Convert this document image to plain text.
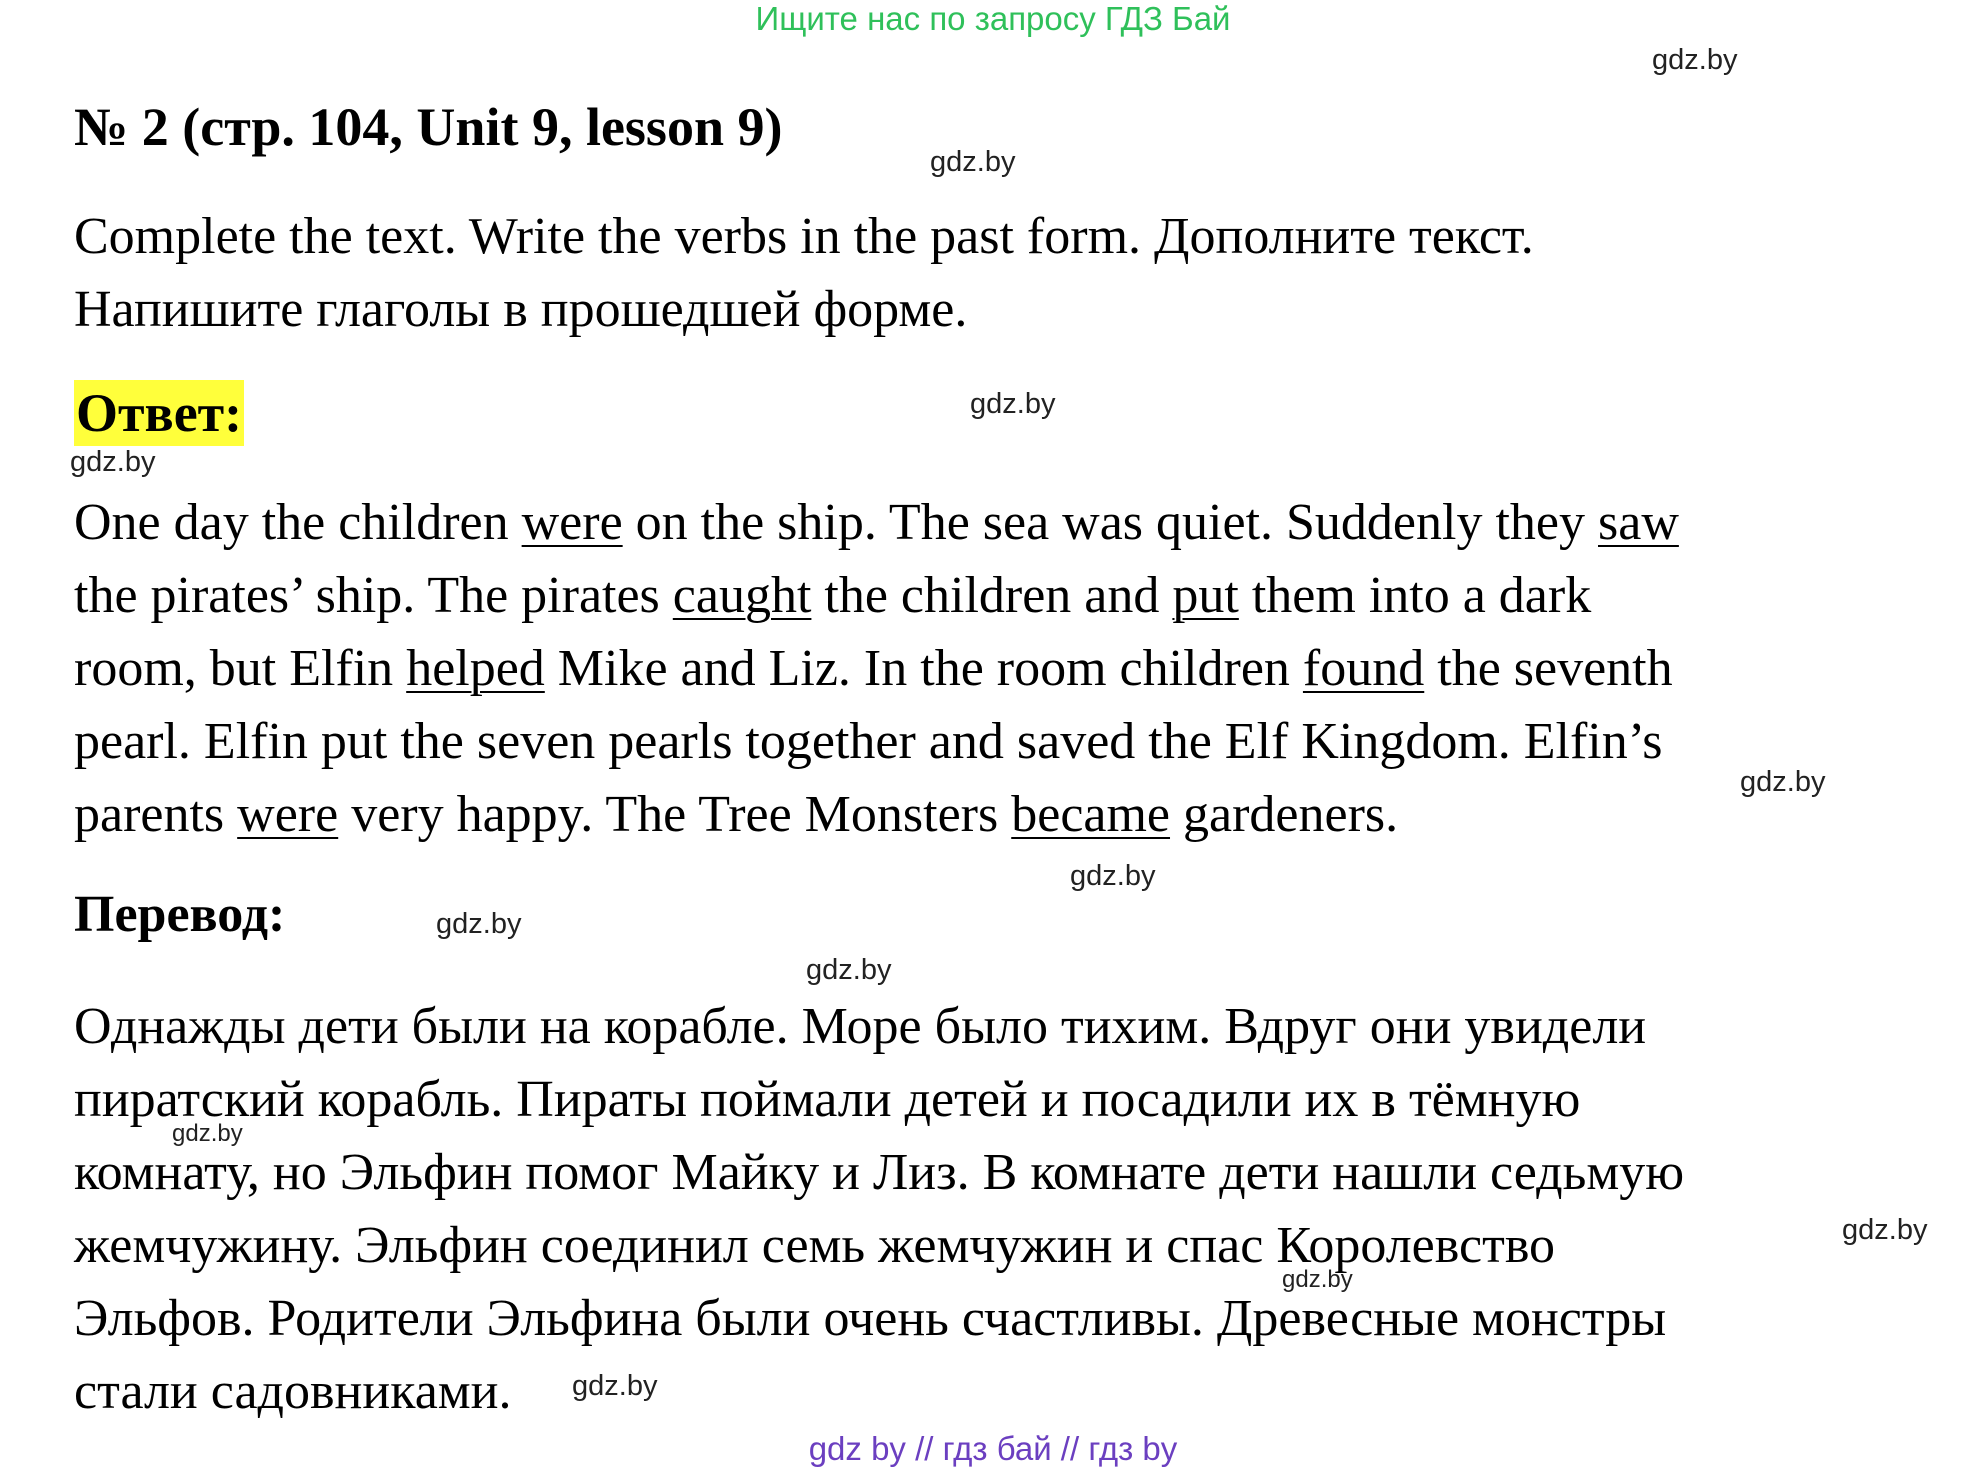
Ищите нас по запросу ГДЗ Бай
gdz.by
gdz.by
gdz.by
gdz.by
gdz.by
gdz.by
gdz.by
gdz.by
gdz.by
gdz.by
gdz.by
gdz.by
№ 2 (стр. 104, Unit 9, lesson 9)
Complete the text. Write the verbs in the past form. Дополните текст.
Напишите глаголы в прошедшей форме.
Ответ:
One day the children were on the ship. The sea was quiet. Suddenly they saw
the pirates’ ship. The pirates caught the children and put them into a dark
room, but Elfin helped Mike and Liz. In the room children found the seventh
pearl. Elfin put the seven pearls together and saved the Elf Kingdom. Elfin’s
parents were very happy. The Tree Monsters became gardeners.
Перевод:
Однажды дети были на корабле. Море было тихим. Вдруг они увидели
пиратский корабль. Пираты поймали детей и посадили их в тёмную
комнату, но Эльфин помог Майку и Лиз. В комнате дети нашли седьмую
жемчужину. Эльфин соединил семь жемчужин и спас Королевство
Эльфов. Родители Эльфина были очень счастливы. Древесные монстры
стали садовниками.
gdz by // гдз бай // гдз by
